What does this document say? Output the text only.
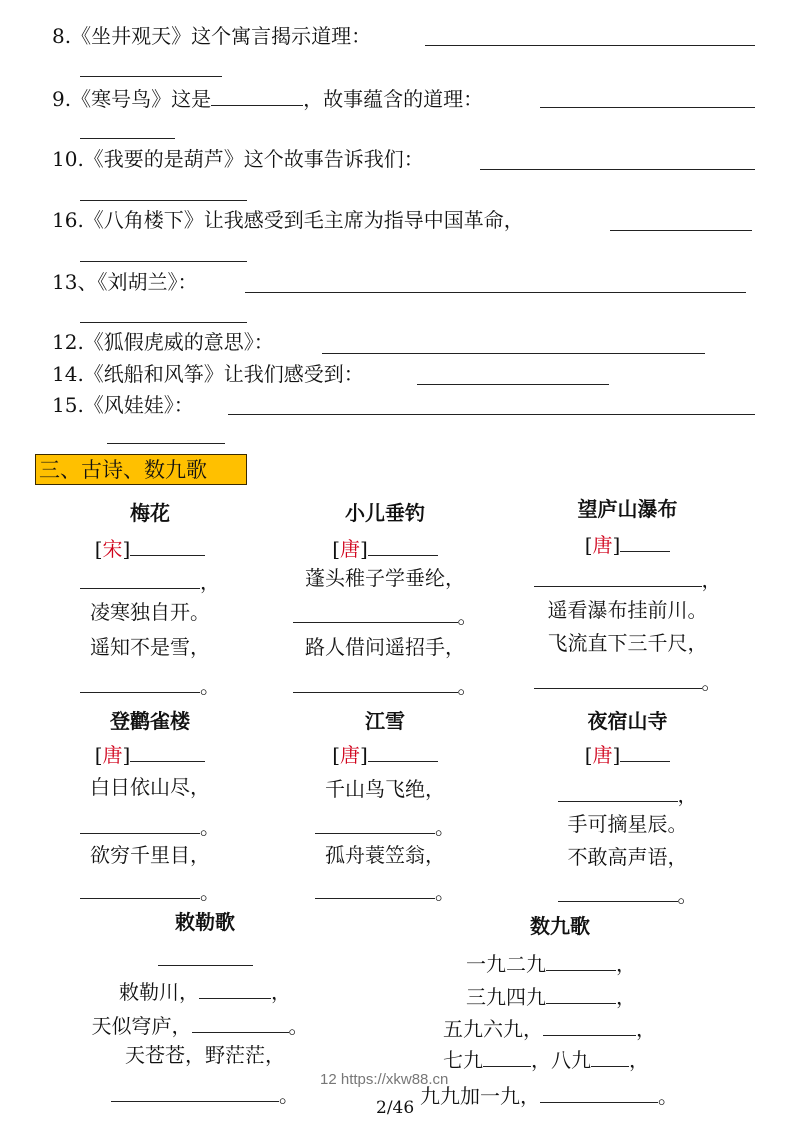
8.《坐井观天》这个寓言揭示道理：
9.《寒号鸟》这是	，故事蕴含的道理：
10.《我要的是葫芦》这个故事告诉我们：
16.《八角楼下》让我感受到毛主席为指导中国革命，
13、《刘胡兰》：
12.《狐假虎威的意思》：
14.《纸船和风筝》让我们感受到：
15.《风娃娃》：
三、古诗、数九歌
梅花
[宋]
，
凌寒独自开。
遥知不是雪，
。
小儿垂钓
[唐]
蓬头稚子学垂纶，
。
路人借问遥招手，
。
望庐山瀑布
[唐]
，
遥看瀑布挂前川。
飞流直下三千尺，
。
登鹳雀楼
[唐]
白日依山尽，
。
欲穷千里目，
。
江雪
[唐]
千山鸟飞绝，
。
孤舟蓑笠翁，
。
夜宿山寺
[唐]
，
手可摘星辰。
不敢高声语，
。
敕勒歌
敕勒川，	，
天似穹庐，	。
天苍苍，野茫茫，
。
数九歌
一九二九	，
三九四九	，
五九六九，	，
七九 ，八九 ，
九九加一九，	。
12 https://xkw88.cn
2/46
